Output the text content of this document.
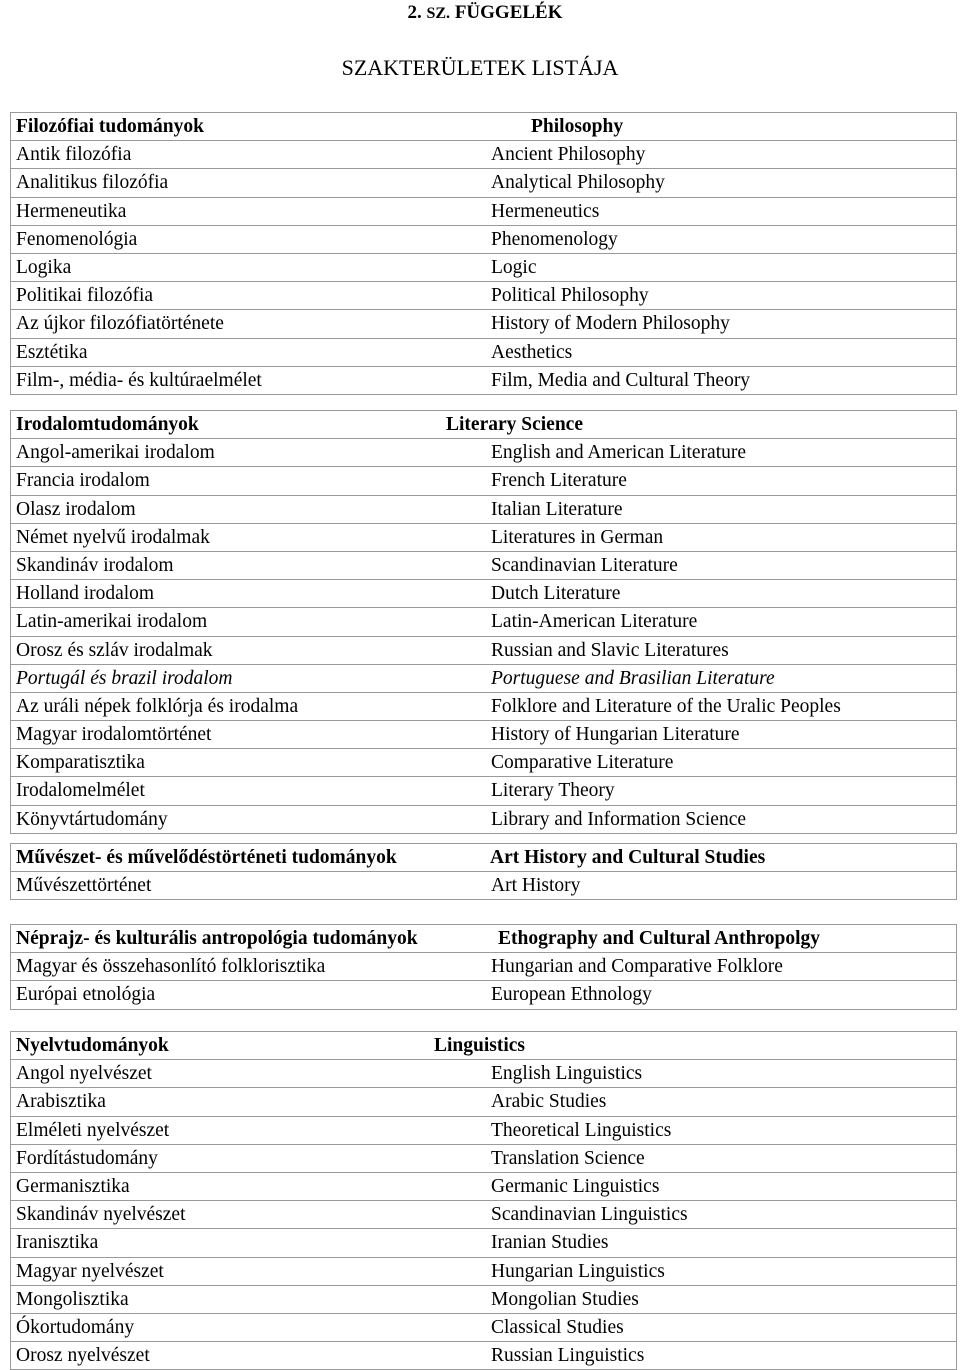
2. SZ. FÜGGELÉK
SZAKTERÜLETEK LISTÁJA
Filozófiai tudományok	Philosophy
Antik filozófia	Ancient Philosophy
Analitikus filozófia	Analytical Philosophy
Hermeneutika	Hermeneutics
Fenomenológia	Phenomenology
Logika	Logic
Politikai filozófia	Political Philosophy
Az újkor filozófiatörténete	History of Modern Philosophy
Esztétika	Aesthetics
Film-, média- és kultúraelmélet	Film, Media and Cultural Theory
Irodalomtudományok	Literary Science
Angol-amerikai irodalom	English and American Literature
Francia irodalom	French Literature
Olasz irodalom	Italian Literature
Német nyelvű irodalmak	Literatures in German
Skandináv irodalom	Scandinavian Literature
Holland irodalom	Dutch Literature
Latin-amerikai irodalom	Latin-American Literature
Orosz és szláv irodalmak	Russian and Slavic Literatures
Portugál és brazil irodalom	Portuguese and Brasilian Literature
Az uráli népek folklórja és irodalma	Folklore and Literature of the Uralic Peoples
Magyar irodalomtörténet	History of Hungarian Literature
Komparatisztika	Comparative Literature
Irodalomelmélet	Literary Theory
Könyvtártudomány	Library and Information Science
Művészet- és művelődéstörténeti tudományok	Art History and Cultural Studies
Művészettörténet	Art History
Néprajz- és kulturális antropológia tudományok	Ethography and Cultural Anthropolgy
Magyar és összehasonlító folklorisztika	Hungarian and Comparative Folklore
Európai etnológia	European Ethnology
Nyelvtudományok	Linguistics
Angol nyelvészet	English Linguistics
Arabisztika	Arabic Studies
Elméleti nyelvészet	Theoretical Linguistics
Fordítástudomány	Translation Science
Germanisztika	Germanic Linguistics
Skandináv nyelvészet	Scandinavian Linguistics
Iranisztika	Iranian Studies
Magyar nyelvészet	Hungarian Linguistics
Mongolisztika	Mongolian Studies
Ókortudomány	Classical Studies
Orosz nyelvészet	Russian Linguistics
